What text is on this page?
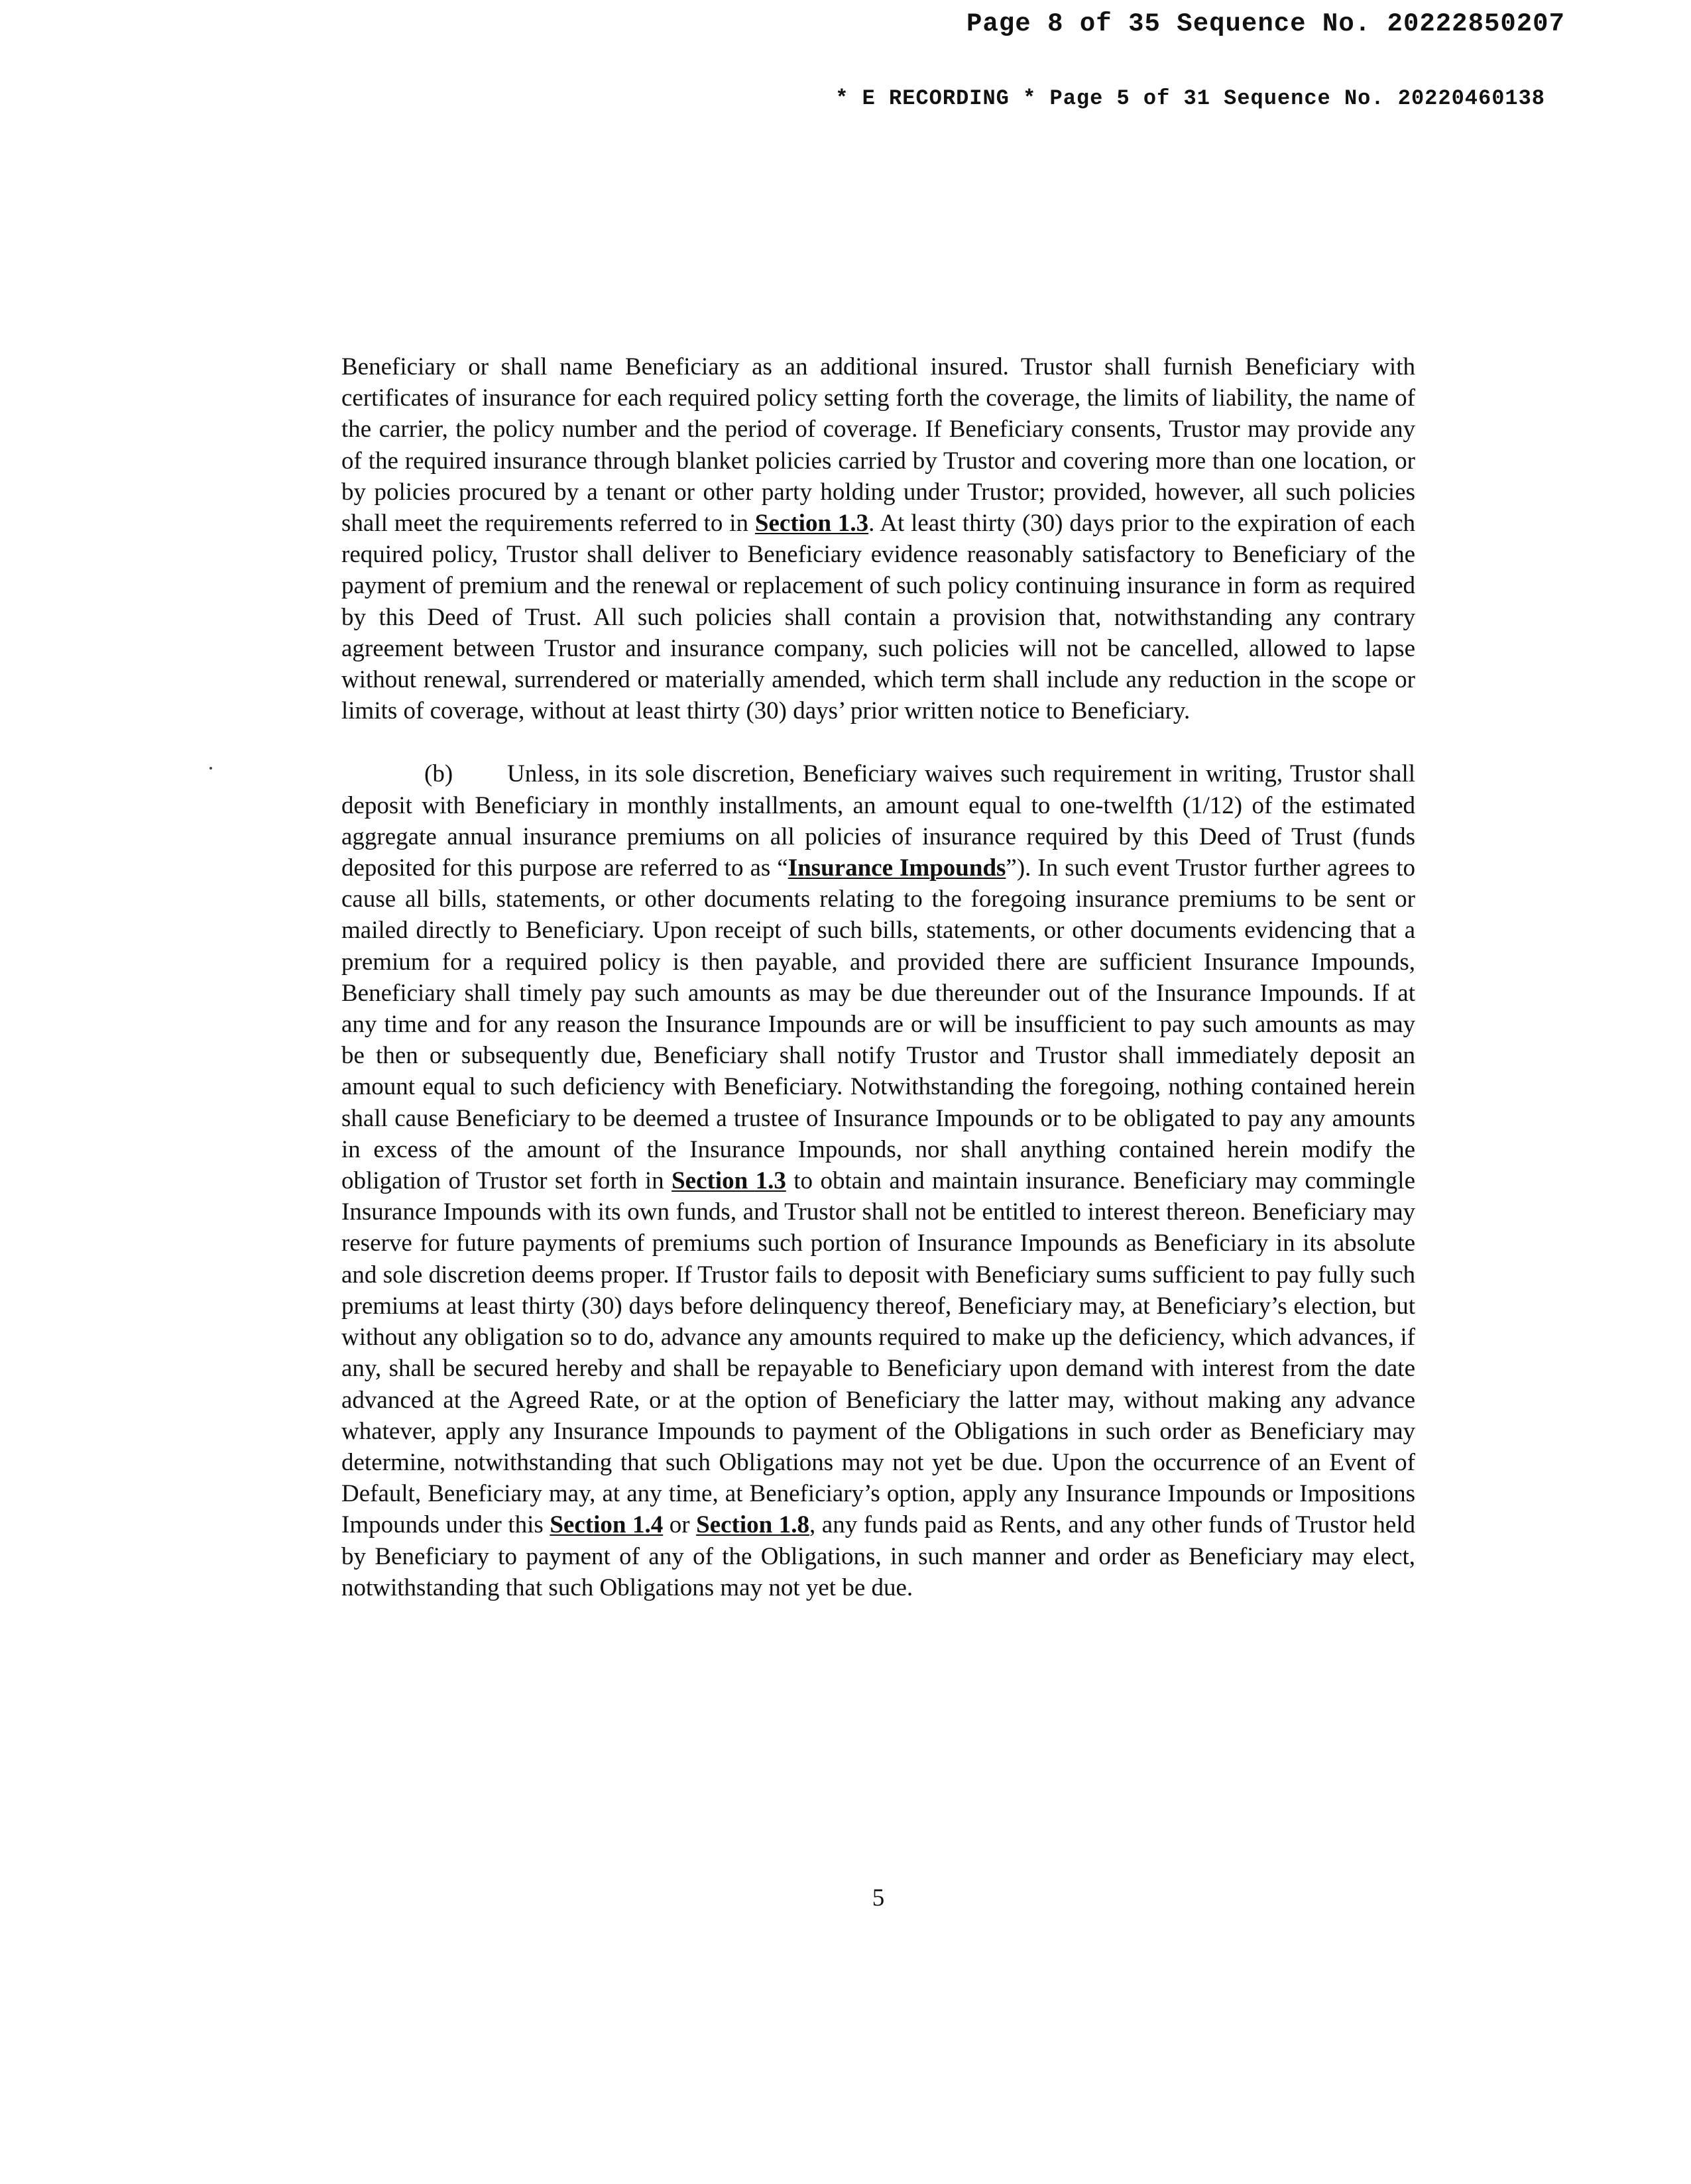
Page 8 of 35 Sequence No. 20222850207
* E RECORDING * Page 5 of 31 Sequence No. 20220460138

Beneficiary or shall name Beneficiary as an additional insured. Trustor shall furnish Beneficiary with certificates of insurance for each required policy setting forth the coverage, the limits of liability, the name of the carrier, the policy number and the period of coverage. If Beneficiary consents, Trustor may provide any of the required insurance through blanket policies carried by Trustor and covering more than one location, or by policies procured by a tenant or other party holding under Trustor; provided, however, all such policies shall meet the requirements referred to in Section 1.3. At least thirty (30) days prior to the expiration of each required policy, Trustor shall deliver to Beneficiary evidence reasonably satisfactory to Beneficiary of the payment of premium and the renewal or replacement of such policy continuing insurance in form as required by this Deed of Trust. All such policies shall contain a provision that, notwithstanding any contrary agreement between Trustor and insurance company, such policies will not be cancelled, allowed to lapse without renewal, surrendered or materially amended, which term shall include any reduction in the scope or limits of coverage, without at least thirty (30) days’ prior written notice to Beneficiary.

(b) Unless, in its sole discretion, Beneficiary waives such requirement in writing, Trustor shall deposit with Beneficiary in monthly installments, an amount equal to one-twelfth (1/12) of the estimated aggregate annual insurance premiums on all policies of insurance required by this Deed of Trust (funds deposited for this purpose are referred to as “Insurance Impounds”). In such event Trustor further agrees to cause all bills, statements, or other documents relating to the foregoing insurance premiums to be sent or mailed directly to Beneficiary. Upon receipt of such bills, statements, or other documents evidencing that a premium for a required policy is then payable, and provided there are sufficient Insurance Impounds, Beneficiary shall timely pay such amounts as may be due thereunder out of the Insurance Impounds. If at any time and for any reason the Insurance Impounds are or will be insufficient to pay such amounts as may be then or subsequently due, Beneficiary shall notify Trustor and Trustor shall immediately deposit an amount equal to such deficiency with Beneficiary. Notwithstanding the foregoing, nothing contained herein shall cause Beneficiary to be deemed a trustee of Insurance Impounds or to be obligated to pay any amounts in excess of the amount of the Insurance Impounds, nor shall anything contained herein modify the obligation of Trustor set forth in Section 1.3 to obtain and maintain insurance. Beneficiary may commingle Insurance Impounds with its own funds, and Trustor shall not be entitled to interest thereon. Beneficiary may reserve for future payments of premiums such portion of Insurance Impounds as Beneficiary in its absolute and sole discretion deems proper. If Trustor fails to deposit with Beneficiary sums sufficient to pay fully such premiums at least thirty (30) days before delinquency thereof, Beneficiary may, at Beneficiary’s election, but without any obligation so to do, advance any amounts required to make up the deficiency, which advances, if any, shall be secured hereby and shall be repayable to Beneficiary upon demand with interest from the date advanced at the Agreed Rate, or at the option of Beneficiary the latter may, without making any advance whatever, apply any Insurance Impounds to payment of the Obligations in such order as Beneficiary may determine, notwithstanding that such Obligations may not yet be due. Upon the occurrence of an Event of Default, Beneficiary may, at any time, at Beneficiary’s option, apply any Insurance Impounds or Impositions Impounds under this Section 1.4 or Section 1.8, any funds paid as Rents, and any other funds of Trustor held by Beneficiary to payment of any of the Obligations, in such manner and order as Beneficiary may elect, notwithstanding that such Obligations may not yet be due.

5
